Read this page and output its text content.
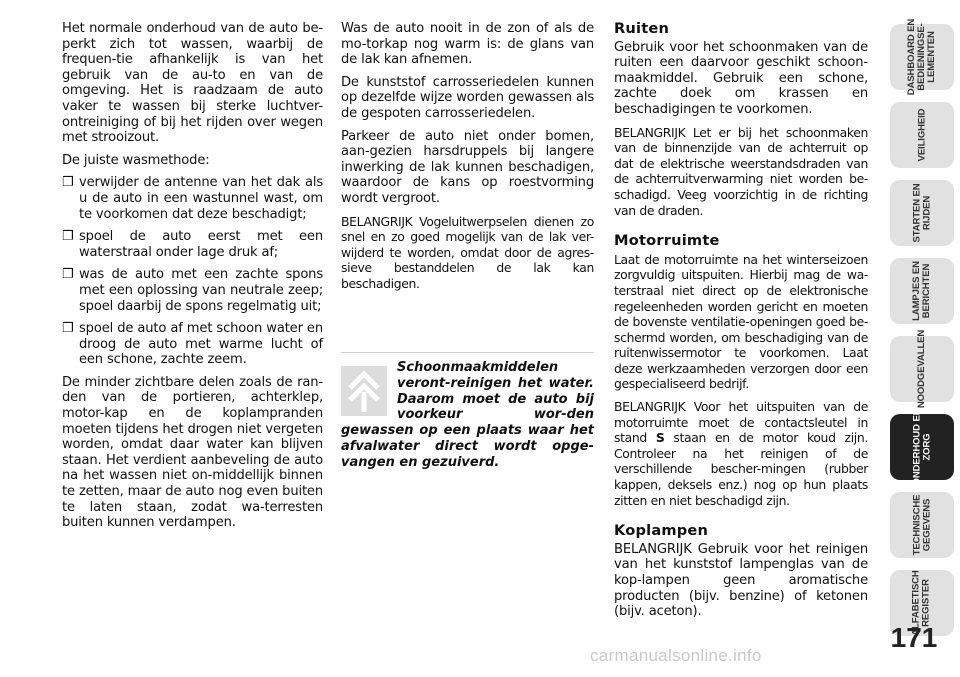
Het normale onderhoud van de auto be-perkt zich tot wassen, waarbij de frequen-tie afhankelijk is van het gebruik van de au-to en van de omgeving. Het is raadzaam de auto vaker te wassen bij sterke luchtver-ontreiniging of bij het rijden over wegen met strooizout.

De juiste wasmethode:

❒ verwijder de antenne van het dak als u de auto in een wastunnel wast, om te voorkomen dat deze beschadigt;
❒ spoel de auto eerst met een waterstraal onder lage druk af;
❒ was de auto met een zachte spons met een oplossing van neutrale zeep; spoel daarbij de spons regelmatig uit;
❒ spoel de auto af met schoon water en droog de auto met warme lucht of een schone, zachte zeem.

De minder zichtbare delen zoals de ran-den van de portieren, achterklep, motor-kap en de koplampranden moeten tijdens het drogen niet vergeten worden, omdat daar water kan blijven staan. Het verdient aanbeveling de auto na het wassen niet on-middellijk binnen te zetten, maar de auto nog even buiten te laten staan, zodat wa-terresten buiten kunnen verdampen.

Was de auto nooit in de zon of als de mo-torkap nog warm is: de glans van de lak kan afnemen.

De kunststof carrosseriedelen kunnen op dezelfde wijze worden gewassen als de gespoten carrosseriedelen.

Parkeer de auto niet onder bomen, aan-gezien harsdruppels bij langere inwerking de lak kunnen beschadigen, waardoor de kans op roestvorming wordt vergroot.

BELANGRIJK Vogeluitwerpselen dienen zo snel en zo goed mogelijk van de lak ver-wijderd te worden, omdat door de agres-sieve bestanddelen de lak kan beschadigen.

Schoonmaakmiddelen veront-reinigen het water. Daarom moet de auto bij voorkeur wor-den gewassen op een plaats waar het afvalwater direct wordt opge-vangen en gezuiverd.
Ruiten

Gebruik voor het schoonmaken van de ruiten een daarvoor geschikt schoon-maakmiddel. Gebruik een schone, zachte doek om krassen en beschadigingen te voorkomen.

BELANGRIJK Let er bij het schoonmaken van de binnenzijde van de achterruit op dat de elektrische weerstandsdraden van de achterruitverwarming niet worden be-schadigd. Veeg voorzichtig in de richting van de draden.

Motorruimte

Laat de motorruimte na het winterseizoen zorgvuldig uitspuiten. Hierbij mag de wa-terstraal niet direct op de elektronische regeleenheden worden gericht en moeten de bovenste ventilatie-openingen goed be-schermd worden, om beschadiging van de ruitenwissermotor te voorkomen. Laat deze werkzaamheden verzorgen door een gespecialiseerd bedrijf.

BELANGRIJK Voor het uitspuiten van de motorruimte moet de contactsleutel in stand S staan en de motor koud zijn. Controleer na het reinigen of de verschillende bescher-mingen (rubber kappen, deksels enz.) nog op hun plaats zitten en niet beschadigd zijn.

Koplampen

BELANGRIJK Gebruik voor het reinigen van het kunststof lampenglas van de kop-lampen geen aromatische producten (bijv. benzine) of ketonen (bijv. aceton).

DASHBOARD EN
BEDIENINGSE-
LEMENTEN
VEILIGHEID
STARTEN EN
RIJDEN
LAMPJES EN
BERICHTEN
NOODGEVALLEN
ONDERHOUD EN
ZORG
TECHNISCHE
GEGEVENS
ALFABETISCH
REGISTER
171
carmanualsonline.info
